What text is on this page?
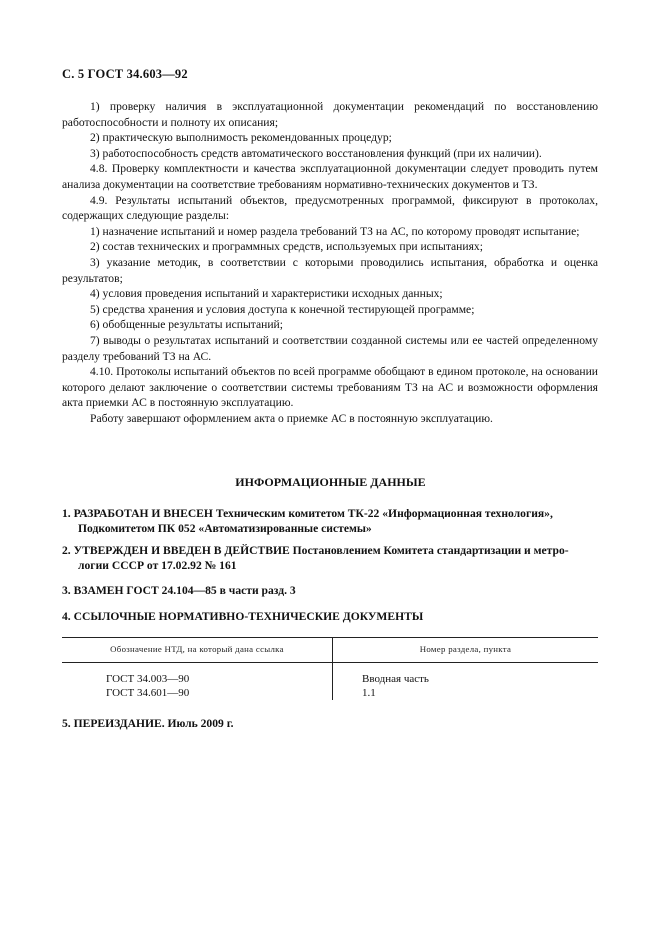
С. 5 ГОСТ 34.603—92

1) проверку наличия в эксплуатационной документации рекомендаций по восстановлению работоспособности и полноту их описания;

2) практическую выполнимость рекомендованных процедур;

3) работоспособность средств автоматического восстановления функций (при их наличии).

4.8. Проверку комплектности и качества эксплуатационной документации следует проводить путем анализа документации на соответствие требованиям нормативно-технических документов и ТЗ.

4.9. Результаты испытаний объектов, предусмотренных программой, фиксируют в протоколах, содержащих следующие разделы:

1) назначение испытаний и номер раздела требований ТЗ на АС, по которому проводят испытание;

2) состав технических и программных средств, используемых при испытаниях;

3) указание методик, в соответствии с которыми проводились испытания, обработка и оценка результатов;

4) условия проведения испытаний и характеристики исходных данных;

5) средства хранения и условия доступа к конечной тестирующей программе;

6) обобщенные результаты испытаний;

7) выводы о результатах испытаний и соответствии созданной системы или ее частей определенному разделу требований ТЗ на АС.

4.10. Протоколы испытаний объектов по всей программе обобщают в едином протоколе, на основании которого делают заключение о соответствии системы требованиям ТЗ на АС и возможности оформления акта приемки АС в постоянную эксплуатацию.

Работу завершают оформлением акта о приемке АС в постоянную эксплуатацию.

ИНФОРМАЦИОННЫЕ ДАННЫЕ
1. РАЗРАБОТАН И ВНЕСЕН Техническим комитетом ТК-22 «Информационная технология»,
Подкомитетом ПК 052 «Автоматизированные системы»
2. УТВЕРЖДЕН И ВВЕДЕН В ДЕЙСТВИЕ Постановлением Комитета стандартизации и метро-
логии СССР от 17.02.92 № 161
3. ВЗАМЕН ГОСТ 24.104—85 в части разд. 3
4. ССЫЛОЧНЫЕ НОРМАТИВНО-ТЕХНИЧЕСКИЕ ДОКУМЕНТЫ
Обозначение НТД, на который дана ссылка	Номер раздела, пункта
ГОСТ 34.003—90
ГОСТ 34.601—90
Вводная часть
1.1
5. ПЕРЕИЗДАНИЕ. Июль 2009 г.
